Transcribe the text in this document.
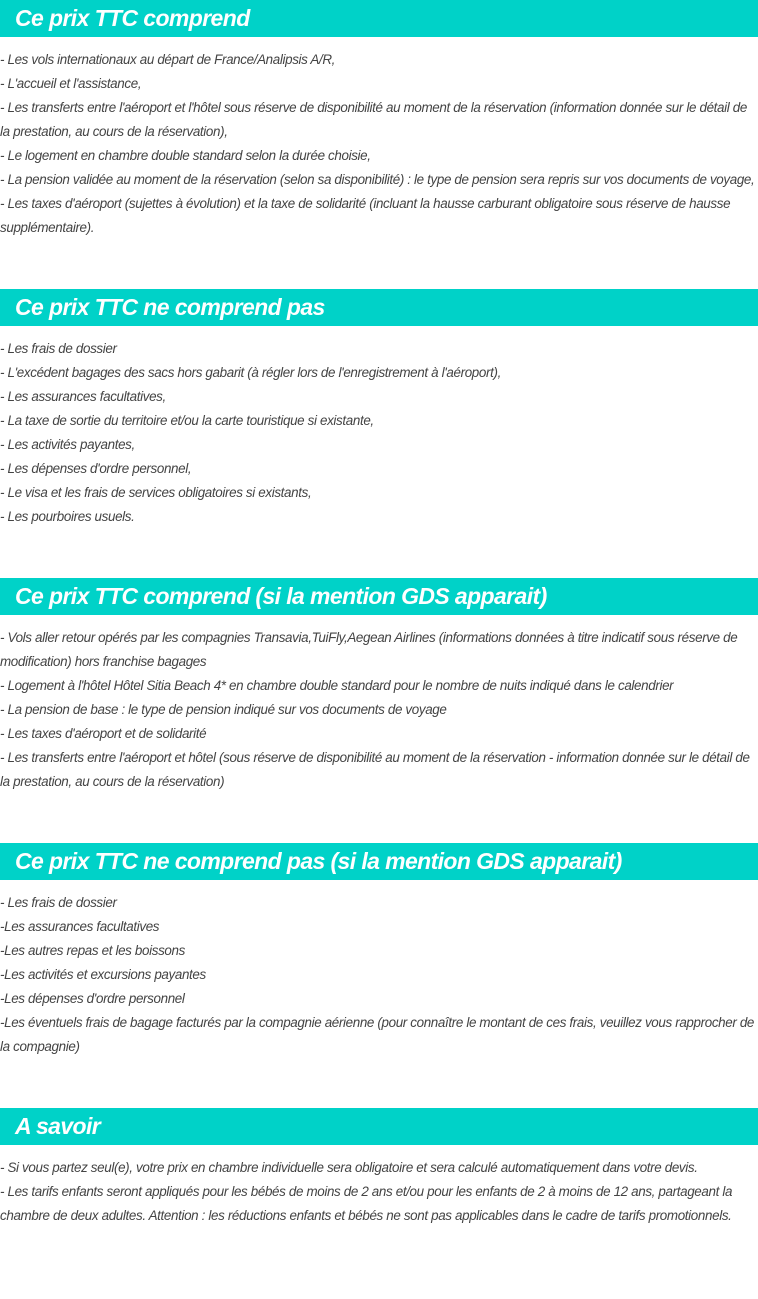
Ce prix TTC comprend
- Les vols internationaux au départ de France/Analipsis A/R,
- L'accueil et l'assistance,
- Les transferts entre l'aéroport et l'hôtel sous réserve de disponibilité au moment de la réservation (information donnée sur le détail de la prestation, au cours de la réservation),
- Le logement en chambre double standard selon la durée choisie,
- La pension validée au moment de la réservation (selon sa disponibilité) : le type de pension sera repris sur vos documents de voyage,
- Les taxes d'aéroport (sujettes à évolution) et la taxe de solidarité (incluant la hausse carburant obligatoire sous réserve de hausse supplémentaire).
Ce prix TTC ne comprend pas
- Les frais de dossier
- L'excédent bagages des sacs hors gabarit (à régler lors de l'enregistrement à l'aéroport),
- Les assurances facultatives,
- La taxe de sortie du territoire et/ou la carte touristique si existante,
- Les activités payantes,
- Les dépenses d'ordre personnel,
- Le visa et les frais de services obligatoires si existants,
- Les pourboires usuels.
Ce prix TTC comprend (si la mention GDS apparait)
- Vols aller retour opérés par les compagnies Transavia,TuiFly,Aegean Airlines (informations données à titre indicatif sous réserve de modification) hors franchise bagages
- Logement à l'hôtel Hôtel Sitia Beach 4* en chambre double standard pour le nombre de nuits indiqué dans le calendrier
- La pension de base : le type de pension indiqué sur vos documents de voyage
- Les taxes d'aéroport et de solidarité
- Les transferts entre l'aéroport et hôtel (sous réserve de disponibilité au moment de la réservation - information donnée sur le détail de la prestation, au cours de la réservation)
Ce prix TTC ne comprend pas (si la mention GDS apparait)
- Les frais de dossier
-Les assurances facultatives
-Les autres repas et les boissons
-Les activités et excursions payantes
-Les dépenses d'ordre personnel
-Les éventuels frais de bagage facturés par la compagnie aérienne (pour connaître le montant de ces frais, veuillez vous rapprocher de la compagnie)
A savoir
- Si vous partez seul(e), votre prix en chambre individuelle sera obligatoire et sera calculé automatiquement dans votre devis.
- Les tarifs enfants seront appliqués pour les bébés de moins de 2 ans et/ou pour les enfants de 2 à moins de 12 ans, partageant la chambre de deux adultes. Attention : les réductions enfants et bébés ne sont pas applicables dans le cadre de tarifs promotionnels.
